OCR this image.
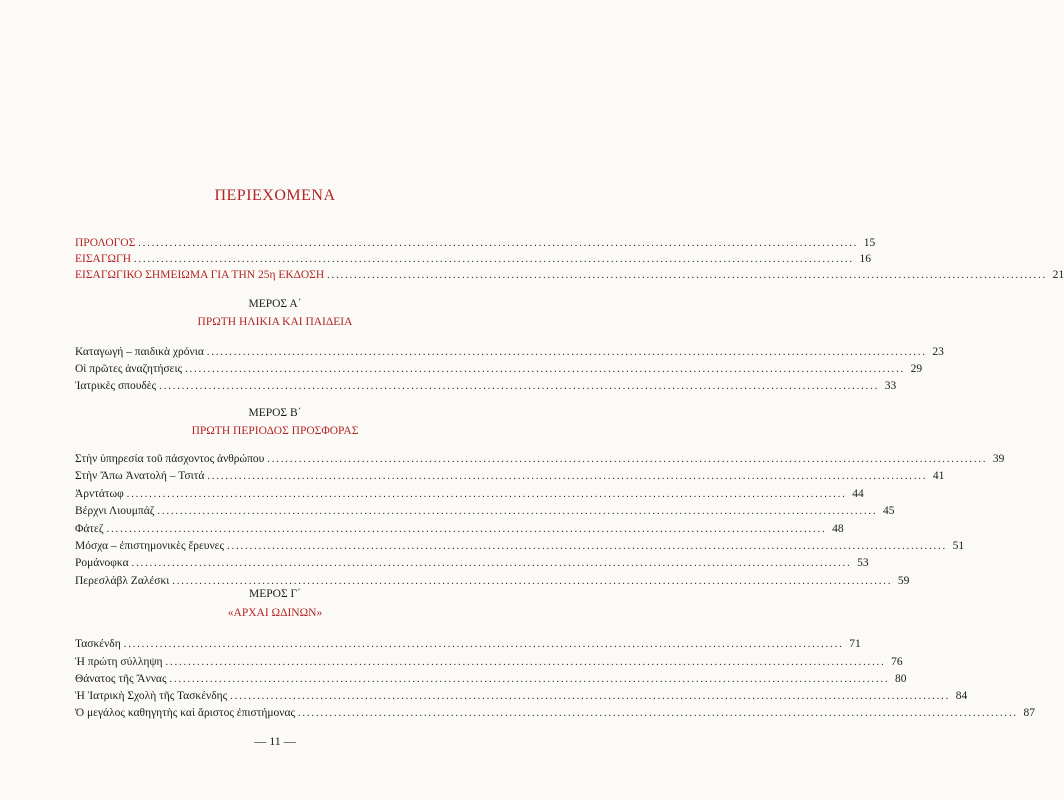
ΠΕΡΙΕΧΟΜΕΝΑ
ΠΡΟΛΟΓΟΣ ................................................................................................................................................................ 15
ΕΙΣΑΓΩΓΗ ................................................................................................................................................................ 16
ΕΙΣΑΓΩΓΙΚΟ ΣΗΜΕΙΩΜΑ ΓΙΑ ΤΗΝ 25η ΕΚΔΟΣΗ ................................................................................................................................................................ 21
ΜΕΡΟΣ Α΄
ΠΡΩΤΗ ΗΛΙΚΙΑ ΚΑΙ ΠΑΙΔΕΙΑ
Καταγωγή – παιδικὰ χρόνια ................................................................................................................................................................ 23
Οἱ πρῶτες ἀναζητήσεις ................................................................................................................................................................ 29
Ἰατρικὲς σπουδὲς ................................................................................................................................................................ 33
ΜΕΡΟΣ Β΄
ΠΡΩΤΗ ΠΕΡΙΟΔΟΣ ΠΡΟΣΦΟΡΑΣ
Στὴν ὑπηρεσία τοῦ πάσχοντος ἀνθρώπου ................................................................................................................................................................ 39
Στὴν Ἄπω Ἀνατολή – Τσιτά ................................................................................................................................................................ 41
Ἀρντάτωφ ................................................................................................................................................................ 44
Βέρχνι Λιουμπάζ ................................................................................................................................................................ 45
Φάτεζ ................................................................................................................................................................ 48
Μόσχα – ἐπιστημονικὲς ἔρευνες ................................................................................................................................................................ 51
Ρομάνοφκα ................................................................................................................................................................ 53
Περεσλάβλ Ζαλέσκι ................................................................................................................................................................ 59
ΜΕΡΟΣ Γ΄
«ΑΡΧΑΙ ΩΔΙΝΩΝ»
Τασκένδη ................................................................................................................................................................ 71
Ἡ πρώτη σύλληψη ................................................................................................................................................................ 76
Θάνατος τῆς Ἄννας ................................................................................................................................................................ 80
Ἡ Ἰατρικὴ Σχολὴ τῆς Τασκένδης ................................................................................................................................................................ 84
Ὁ μεγάλος καθηγητὴς καὶ ἄριστος ἐπιστήμονας ................................................................................................................................................................ 87
— 11 —
